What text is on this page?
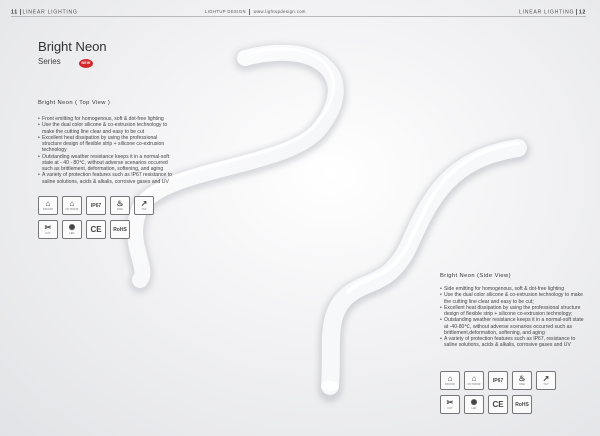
11 LINEAR LIGHTING	LIGHTUP DESIGN www.lightupdesign.com	LINEAR LIGHTING 12
Bright Neon
Series	NEW
Bright Neon ( Top View )
• Front emitting for homogenous, soft & dot-free lighting
• Use the dual color silicone & co-extrusion technology to make the cutting line clear and easy to be cut
• Excellent heat dissipation by using the professional structure design of flexible strip + silicone co-extrusion technology
• Outstanding weather resistance keeps it in a normal-soft state at - 40 - 80℃, without adverse scenarios occurred such as brittlement, deformation, softening, and aging
• A variety of protection features such as IP67 resistance to saline solutions, acids & alkalis, corrosive gases and UV
⌂
INDOOR
⌂
OUTDOOR
IP67 ♨
FIRE
↗
TILT
✂
CUT
✺
LED CE RoHS
Bright Neon (Side View)
• Side emitting for homogenous, soft & dot-free lighting
• Use the dual color silicone & co-extrusion technology to make the cutting line clear and easy to be cut;
• Excellent heat dissipation by using the professional structure design of flexible strip + silicone co-extrusion technology;
• Outstanding weather resistance keeps it in a normal-soft state at -40-80℃, without adverse scenarios occurred such as brittlement,deformation, softening, and aging
• A variety of protection features such as IP67, resistance to saline solutions, acids & alkalis, corrosive gases and UV
⌂
INDOOR
⌂
OUTDOOR
IP67 ♨
FIRE
↗
TILT
✂
CUT
✺
LED CE RoHS
